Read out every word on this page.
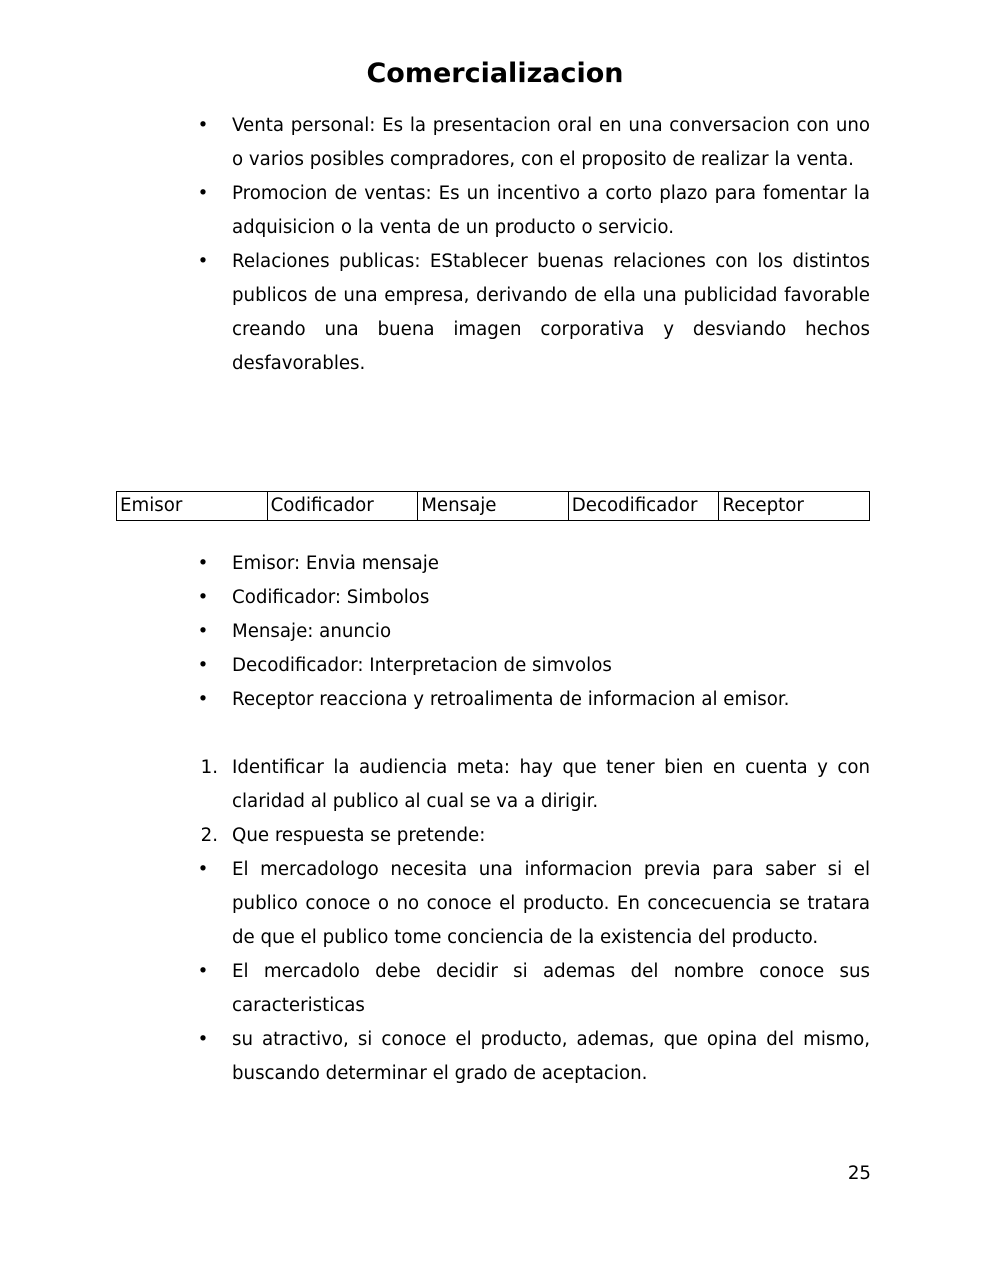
Comercializacion
•	Venta personal: Es la presentacion oral en una conversacion con uno o varios posibles compradores, con el proposito de realizar la venta.
•	Promocion de ventas: Es un incentivo a corto plazo para fomentar la adquisicion o la venta de un producto o servicio.
•	Relaciones publicas: EStablecer buenas relaciones con los distintos publicos de una empresa, derivando de ella una publicidad favorable creando una buena imagen corporativa y desviando hechos desfavorables.
Emisor	Codificador	Mensaje	Decodificador	Receptor
•	Emisor: Envia mensaje
•	Codificador: Simbolos
•	Mensaje: anuncio
•	Decodificador: Interpretacion de simvolos
•	Receptor reacciona y retroalimenta de informacion al emisor.
1. Identificar la audiencia meta: hay que tener bien en cuenta y con claridad al publico al cual se va a dirigir.
2. Que respuesta se pretende:
•	El mercadologo necesita una informacion previa para saber si el publico conoce o no conoce el producto. En concecuencia se tratara de que el publico tome conciencia de la existencia del producto.
•	El mercadolo debe decidir si ademas del nombre conoce sus caracteristicas
•	su atractivo, si conoce el producto, ademas, que opina del mismo, buscando determinar el grado de aceptacion.
25
